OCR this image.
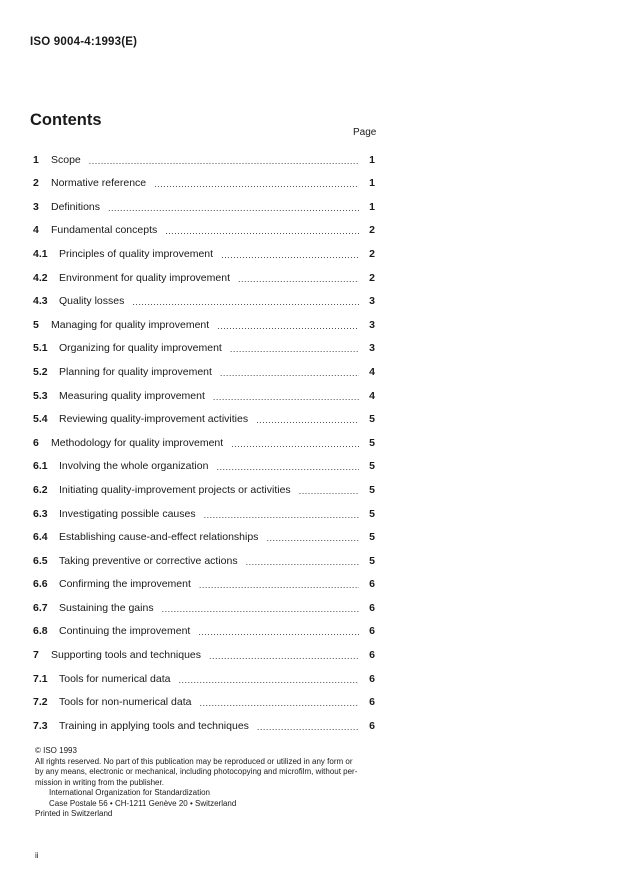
ISO 9004-4:1993(E)
Contents
Page
1	Scope .....	1
2	Normative reference .....	1
3	Definitions .....	1
4	Fundamental concepts .....	2
4.1	Principles of quality improvement .....	2
4.2	Environment for quality improvement .....	2
4.3	Quality losses .....	3
5	Managing for quality improvement .....	3
5.1	Organizing for quality improvement .....	3
5.2	Planning for quality improvement .....	4
5.3	Measuring quality improvement .....	4
5.4	Reviewing quality-improvement activities .....	5
6	Methodology for quality improvement .....	5
6.1	Involving the whole organization .....	5
6.2	Initiating quality-improvement projects or activities .....	5
6.3	Investigating possible causes .....	5
6.4	Establishing cause-and-effect relationships .....	5
6.5	Taking preventive or corrective actions .....	5
6.6	Confirming the improvement .....	6
6.7	Sustaining the gains .....	6
6.8	Continuing the improvement .....	6
7	Supporting tools and techniques .....	6
7.1	Tools for numerical data .....	6
7.2	Tools for non-numerical data .....	6
7.3	Training in applying tools and techniques .....	6
© ISO 1993
All rights reserved. No part of this publication may be reproduced or utilized in any form or
by any means, electronic or mechanical, including photocopying and microfilm, without per-
mission in writing from the publisher.
International Organization for Standardization
Case Postale 56 • CH-1211 Genève 20 • Switzerland
Printed in Switzerland
ii
